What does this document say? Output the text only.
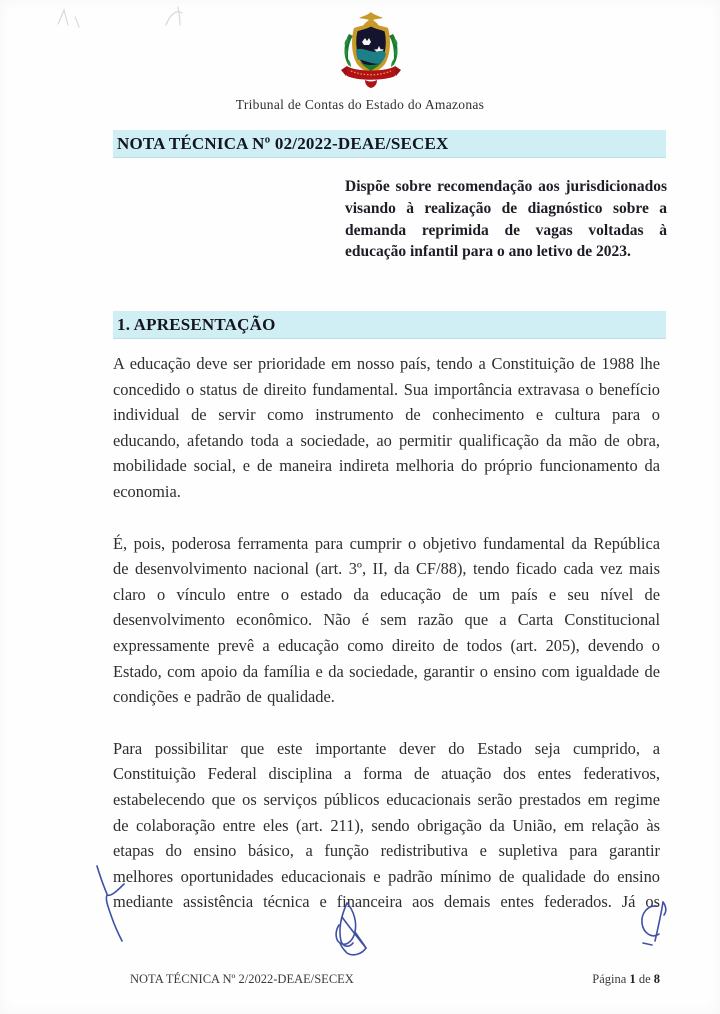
Tribunal de Contas do Estado do Amazonas
NOTA TÉCNICA Nº 02/2022-DEAE/SECEX
Dispõe sobre recomendação aos jurisdicionados visando à realização de diagnóstico sobre a demanda reprimida de vagas voltadas à educação infantil para o ano letivo de 2023.
1. APRESENTAÇÃO

A educação deve ser prioridade em nosso país, tendo a Constituição de 1988 lhe concedido o status de direito fundamental. Sua importância extravasa o benefício individual de servir como instrumento de conhecimento e cultura para o educando, afetando toda a sociedade, ao permitir qualificação da mão de obra, mobilidade social, e de maneira indireta melhoria do próprio funcionamento da economia.

É, pois, poderosa ferramenta para cumprir o objetivo fundamental da República de desenvolvimento nacional (art. 3º, II, da CF/88), tendo ficado cada vez mais claro o vínculo entre o estado da educação de um país e seu nível de desenvolvimento econômico. Não é sem razão que a Carta Constitucional expressamente prevê a educação como direito de todos (art. 205), devendo o Estado, com apoio da família e da sociedade, garantir o ensino com igualdade de condições e padrão de qualidade.

Para possibilitar que este importante dever do Estado seja cumprido, a Constituição Federal disciplina a forma de atuação dos entes federativos, estabelecendo que os serviços públicos educacionais serão prestados em regime de colaboração entre eles (art. 211), sendo obrigação da União, em relação às etapas do ensino básico, a função redistributiva e supletiva para garantir melhores oportunidades educacionais e padrão mínimo de qualidade do ensino mediante assistência técnica e financeira aos demais entes federados. Já os

NOTA TÉCNICA Nº 2/2022-DEAE/SECEX	Página 1 de 8
